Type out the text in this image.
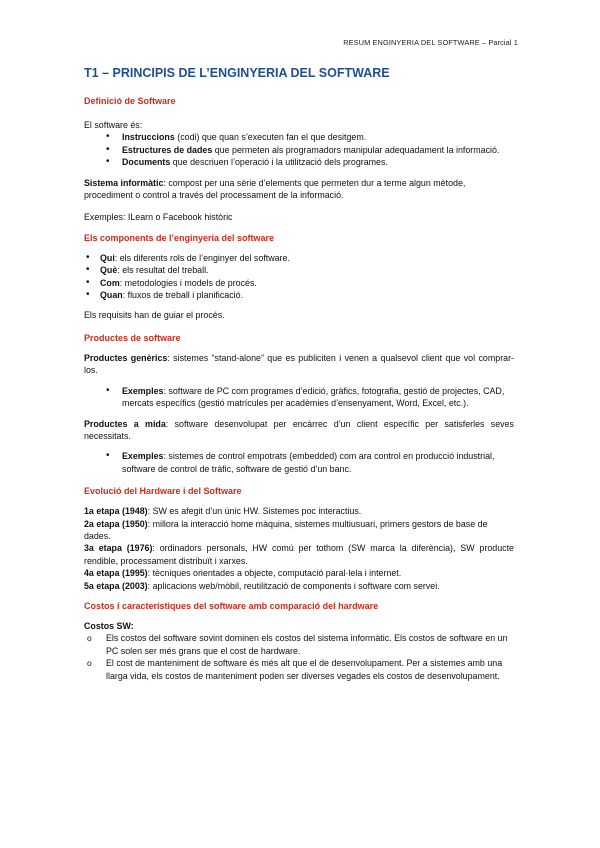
RESUM ENGINYERIA DEL SOFTWARE – Parcial 1
T1 – PRINCIPIS DE L’ENGINYERIA DEL SOFTWARE
Definició de Software

El software és:

• Instruccions (codi) que quan s’executen fan el que desitgem.
• Estructures de dades que permeten als programadors manipular adequadament la informació.
• Documents que descriuen l’operació i la utilització dels programes.

Sistema informàtic: compost per una sèrie d’elements que permeten dur a terme algun mètode, procediment o control a través del processament de la informació.

Exemples: ILearn o Facebook històric

Els components de l’enginyeria del software
• Qui: els diferents rols de l’enginyer del software.
• Què: els resultat del treball.
• Com: metodologies i models de procés.
• Quan: fluxos de treball i planificació.

Els requisits han de guiar el procés.

Productes de software

Productes genèrics: sistemes “stand-alone” que es publiciten i venen a qualsevol client que vol comprar-los.

• Exemples: software de PC com programes d’edició, gràfics, fotografia, gestió de projectes, CAD, mercats específics (gestió matrícules per acadèmies d’ensenyament, Word, Excel, etc.).

Productes a mida: software desenvolupat per encàrrec d’un client específic per satisferles seves necessitats.

• Exemples: sistemes de control empotrats (embedded) com ara control en producció industrial, software de control de tràfic, software de gestió d’un banc.
Evolució del Hardware i del Software

1a etapa (1948): SW es afegit d’un únic HW. Sistemes poc interactius.

2a etapa (1950): millora la interacció home màquina, sistemes multiusuari, primers gestors de base de dades.

3a etapa (1976): ordinadors personals, HW comú per tothom (SW marca la diferència), SW producte rendible, processament distribuït i xarxes.

4a etapa (1995): tècniques orientades a objecte, computació paral·lela i internet.

5a etapa (2003): aplicacions web/mòbil, reutilització de components i software com servei.

Costos i característiques del software amb comparació del hardware

Costos SW:

o Els costos del software sovint dominen els costos del sistema informàtic. Els costos de software en un PC solen ser més grans que el cost de hardware.
o El cost de manteniment de software és més alt que el de desenvolupament. Per a sistemes amb una llarga vida, els costos de manteniment poden ser diverses vegades els costos de desenvolupament.
